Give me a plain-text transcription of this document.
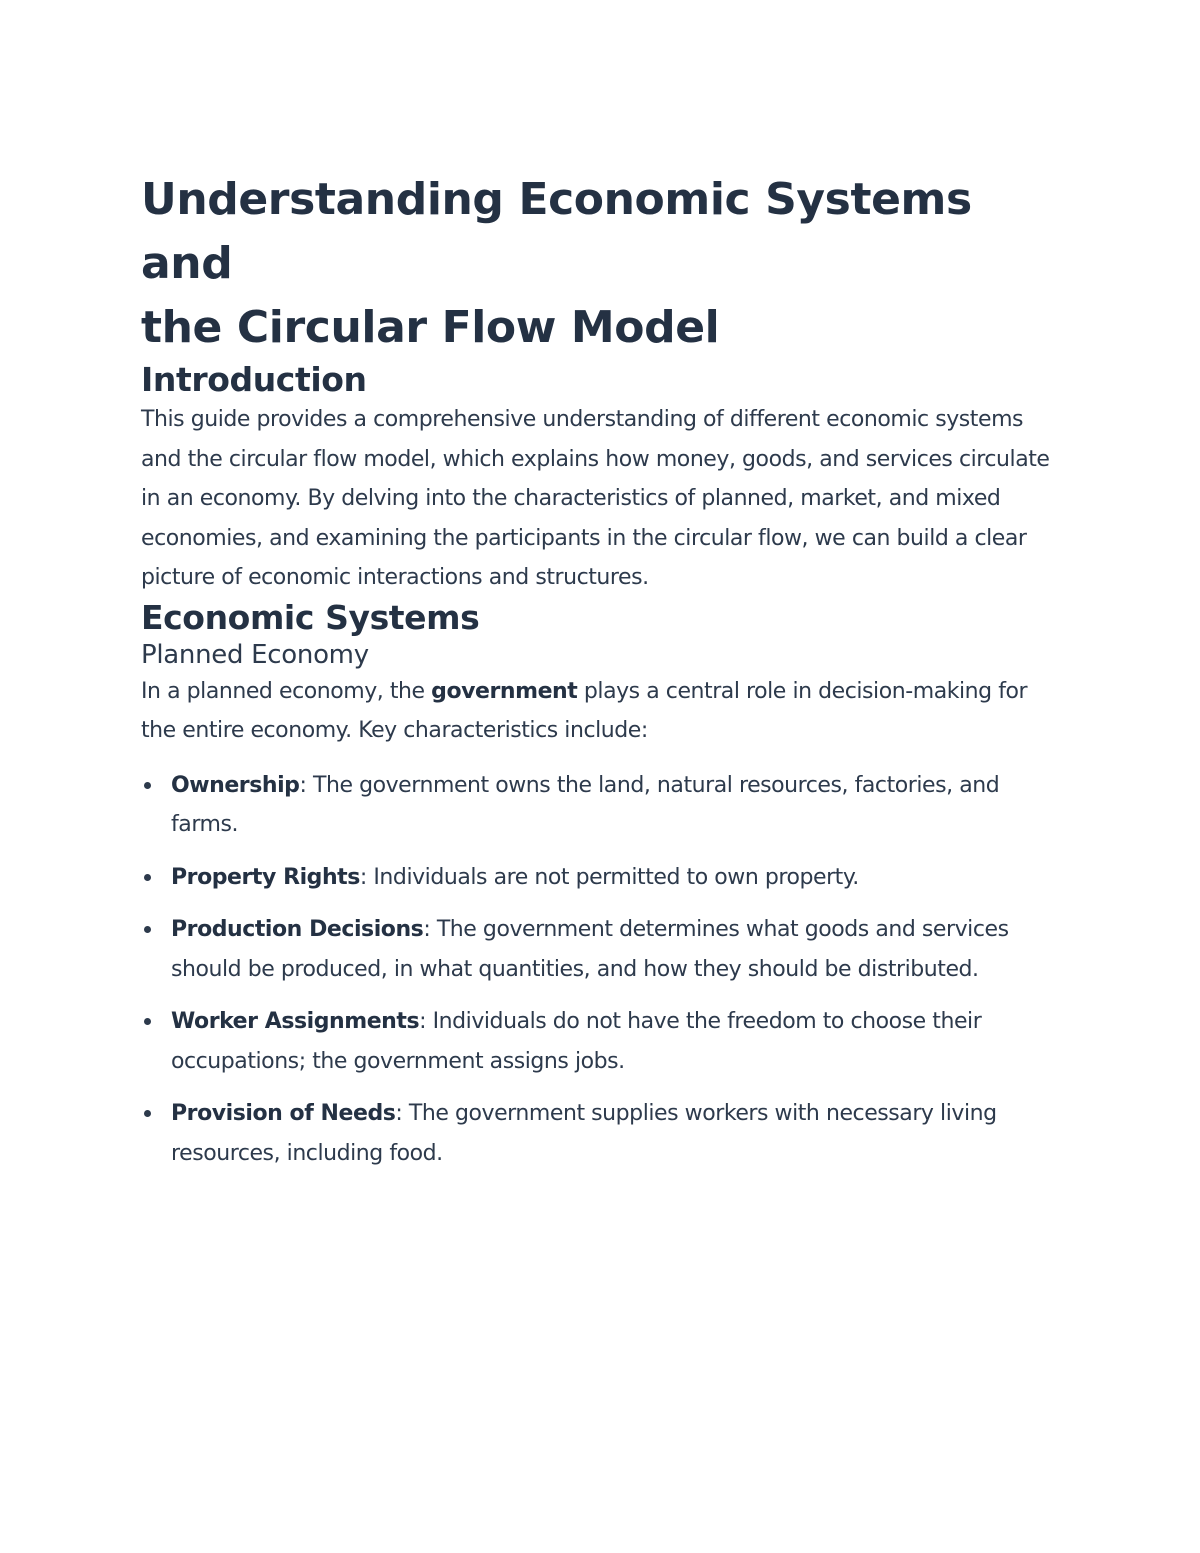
Understanding Economic Systems and
the Circular Flow Model
Introduction

This guide provides a comprehensive understanding of different economic systems and the circular flow model, which explains how money, goods, and services circulate in an economy. By delving into the characteristics of planned, market, and mixed economies, and examining the participants in the circular flow, we can build a clear picture of economic interactions and structures.

Economic Systems
Planned Economy

In a planned economy, the government plays a central role in decision-making for the entire economy. Key characteristics include:

Ownership: The government owns the land, natural resources, factories, and farms.
Property Rights: Individuals are not permitted to own property.
Production Decisions: The government determines what goods and services should be produced, in what quantities, and how they should be distributed.
Worker Assignments: Individuals do not have the freedom to choose their occupations; the government assigns jobs.
Provision of Needs: The government supplies workers with necessary living resources, including food.
